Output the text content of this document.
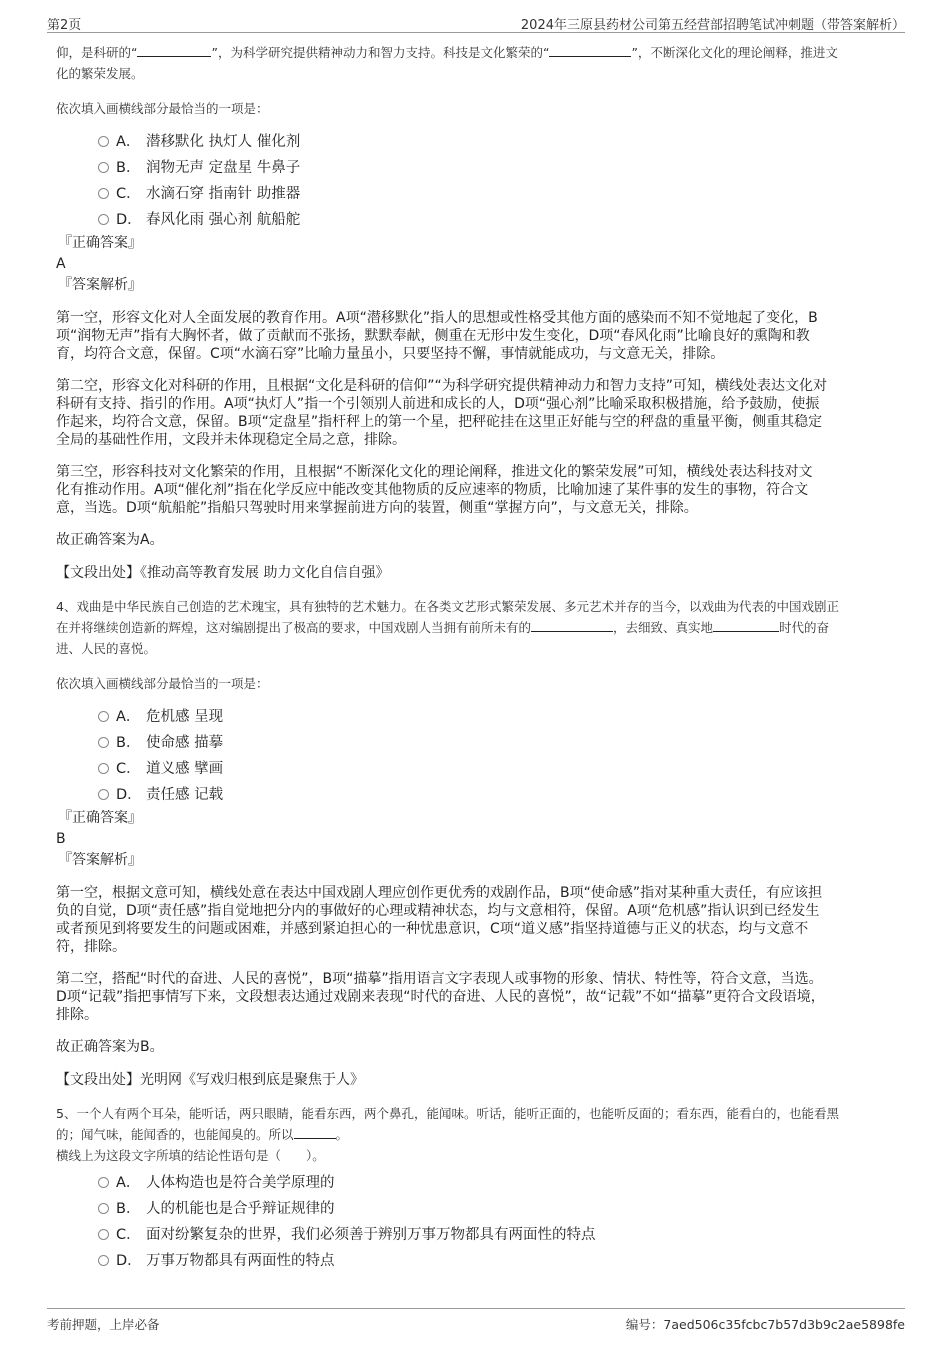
第2页	2024年三原县药材公司第五经营部招聘笔试冲刺题（带答案解析）

仰，是科研的“	”，为科学研究提供精神动力和智力支持。科技是文化繁荣的“	”，不断深化文化的理论阐释，推进文

化的繁荣发展。

依次填入画横线部分最恰当的一项是：

A． 潜移默化 执灯人 催化剂
B． 润物无声 定盘星 牛鼻子
C． 水滴石穿 指南针 助推器
D． 春风化雨 强心剂 航船舵

『正确答案』

A

『答案解析』

第一空，形容文化对人全面发展的教育作用。A项“潜移默化”指人的思想或性格受其他方面的感染而不知不觉地起了变化，B

项“润物无声”指有大胸怀者，做了贡献而不张扬，默默奉献，侧重在无形中发生变化，D项“春风化雨”比喻良好的熏陶和教

育，均符合文意，保留。C项“水滴石穿”比喻力量虽小，只要坚持不懈，事情就能成功，与文意无关，排除。

第二空，形容文化对科研的作用，且根据“文化是科研的信仰”“为科学研究提供精神动力和智力支持”可知，横线处表达文化对

科研有支持、指引的作用。A项“执灯人”指一个引领别人前进和成长的人，D项“强心剂”比喻采取积极措施，给予鼓励，使振

作起来，均符合文意，保留。B项“定盘星”指杆秤上的第一个星，把秤砣挂在这里正好能与空的秤盘的重量平衡，侧重其稳定

全局的基础性作用，文段并未体现稳定全局之意，排除。

第三空，形容科技对文化繁荣的作用，且根据“不断深化文化的理论阐释，推进文化的繁荣发展”可知，横线处表达科技对文

化有推动作用。A项“催化剂”指在化学反应中能改变其他物质的反应速率的物质，比喻加速了某件事的发生的事物，符合文

意，当选。D项“航船舵”指船只驾驶时用来掌握前进方向的装置，侧重“掌握方向”，与文意无关，排除。

故正确答案为A。

【文段出处】《推动高等教育发展 助力文化自信自强》

4、戏曲是中华民族自己创造的艺术瑰宝，具有独特的艺术魅力。在各类文艺形式繁荣发展、多元艺术并存的当今，以戏曲为代表的中国戏剧正

在并将继续创造新的辉煌，这对编剧提出了极高的要求，中国戏剧人当拥有前所未有的	，去细致、真实地	时代的奋

进、人民的喜悦。

依次填入画横线部分最恰当的一项是：

A． 危机感 呈现
B． 使命感 描摹
C． 道义感 擘画
D． 责任感 记载

『正确答案』

B

『答案解析』

第一空，根据文意可知，横线处意在表达中国戏剧人理应创作更优秀的戏剧作品，B项“使命感”指对某种重大责任，有应该担

负的自觉，D项“责任感”指自觉地把分内的事做好的心理或精神状态，均与文意相符，保留。A项“危机感”指认识到已经发生

或者预见到将要发生的问题或困难，并感到紧迫担心的一种忧患意识，C项“道义感”指坚持道德与正义的状态，均与文意不

符，排除。

第二空，搭配“时代的奋进、人民的喜悦”，B项“描摹”指用语言文字表现人或事物的形象、情状、特性等，符合文意，当选。

D项“记载”指把事情写下来，文段想表达通过戏剧来表现“时代的奋进、人民的喜悦”，故“记载”不如“描摹”更符合文段语境，

排除。

故正确答案为B。

【文段出处】光明网《写戏归根到底是聚焦于人》

5、一个人有两个耳朵，能听话，两只眼睛，能看东西，两个鼻孔，能闻味。听话，能听正面的，也能听反面的；看东西，能看白的，也能看黑

的；闻气味，能闻香的，也能闻臭的。所以	。

横线上为这段文字所填的结论性语句是（　　）。

A． 人体构造也是符合美学原理的
B． 人的机能也是合乎辩证规律的
C． 面对纷繁复杂的世界，我们必须善于辨别万事万物都具有两面性的特点
D． 万事万物都具有两面性的特点
考前押题，上岸必备	编号：7aed506c35fcbc7b57d3b9c2ae5898fe
